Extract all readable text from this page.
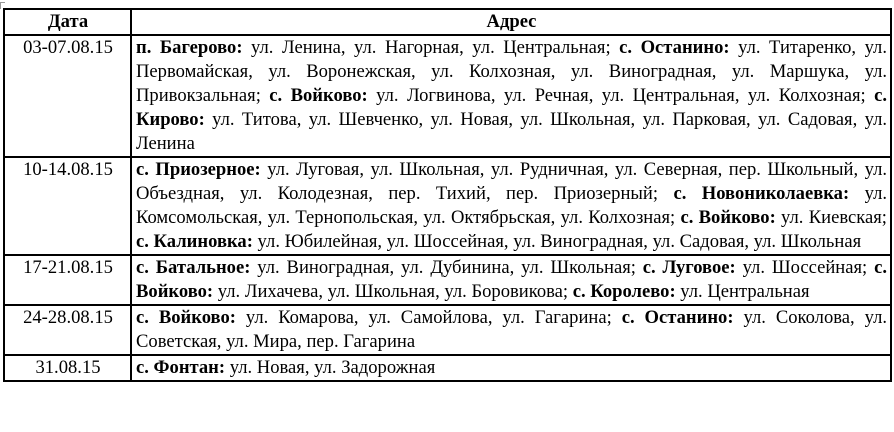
Дата	Адрес
03-07.08.15	п. Багерово: ул. Ленина, ул. Нагорная, ул. Центральная; с. Останино: ул. Титаренко, ул. Первомайская, ул. Воронежская, ул. Колхозная, ул. Виноградная, ул. Маршука, ул. Привокзальная; с. Войково: ул. Логвинова, ул. Речная, ул. Центральная, ул. Колхозная; с. Кирово: ул. Титова, ул. Шевченко, ул. Новая, ул. Школьная, ул. Парковая, ул. Садовая, ул. Ленина
10-14.08.15	с. Приозерное: ул. Луговая, ул. Школьная, ул. Рудничная, ул. Северная, пер. Школьный, ул. Объездная, ул. Колодезная, пер. Тихий, пер. Приозерный; с. Новониколаевка: ул. Комсомольская, ул. Тернопольская, ул. Октябрьская, ул. Колхозная; с. Войково: ул. Киевская; с. Калиновка: ул. Юбилейная, ул. Шоссейная, ул. Виноградная, ул. Садовая, ул. Школьная
17-21.08.15	с. Батальное: ул. Виноградная, ул. Дубинина, ул. Школьная; с. Луговое: ул. Шоссейная; с. Войково: ул. Лихачева, ул. Школьная, ул. Боровикова; с. Королево: ул. Центральная
24-28.08.15	с. Войково: ул. Комарова, ул. Самойлова, ул. Гагарина; с. Останино: ул. Соколова, ул. Советская, ул. Мира, пер. Гагарина
31.08.15	с. Фонтан: ул. Новая, ул. Задорожная
